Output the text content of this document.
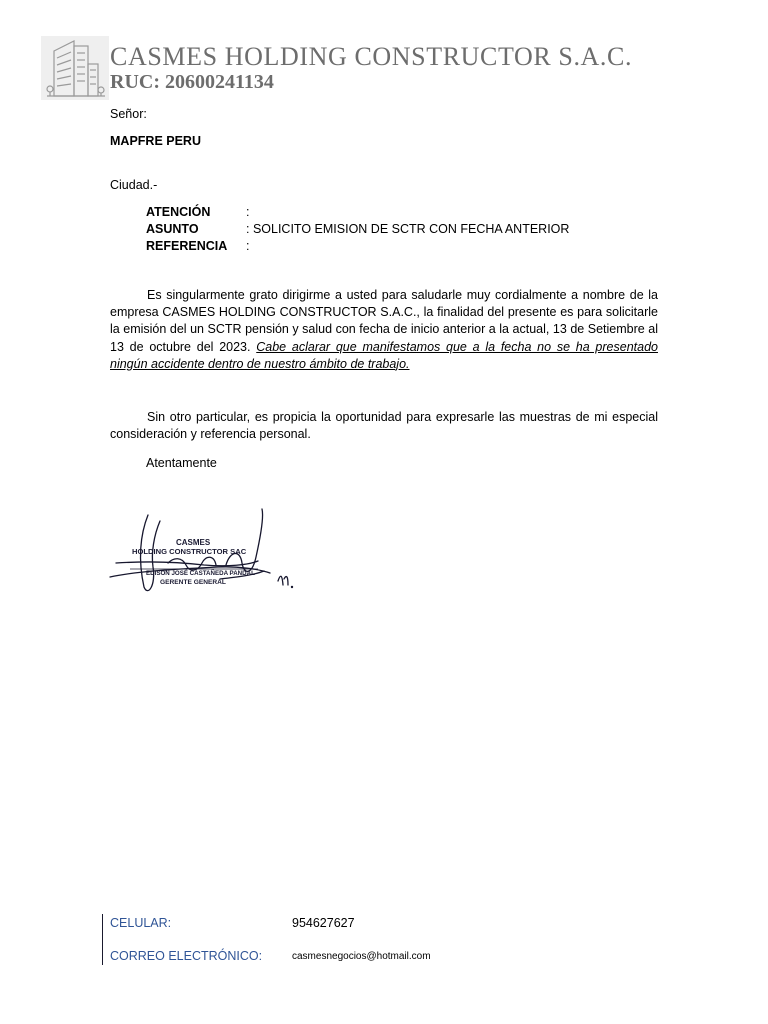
CASMES HOLDING CONSTRUCTOR S.A.C.
RUC: 20600241134
Señor:
MAPFRE PERU
Ciudad.-
ATENCIÓN	:
ASUNTO	: SOLICITO EMISION DE SCTR CON FECHA ANTERIOR
REFERENCIA :

Es singularmente grato dirigirme a usted para saludarle muy cordialmente a nombre de la empresa CASMES HOLDING CONSTRUCTOR S.A.C., la finalidad del presente es para solicitarle la emisión del un SCTR pensión y salud con fecha de inicio anterior a la actual, 13 de Setiembre al 13 de octubre del 2023. Cabe aclarar que manifestamos que a la fecha no se ha presentado ningún accidente dentro de nuestro ámbito de trabajo.

Sin otro particular, es propicia la oportunidad para expresarle las muestras de mi especial consideración y referencia personal.

Atentamente
CASMES
HOLDING CONSTRUCTOR SAC
EDISON JOSÉ CASTAÑEDA PANDAL
GERENTE GENERAL
CELULAR:	954627627
CORREO ELECTRÓNICO:	casmesnegocios@hotmail.com
